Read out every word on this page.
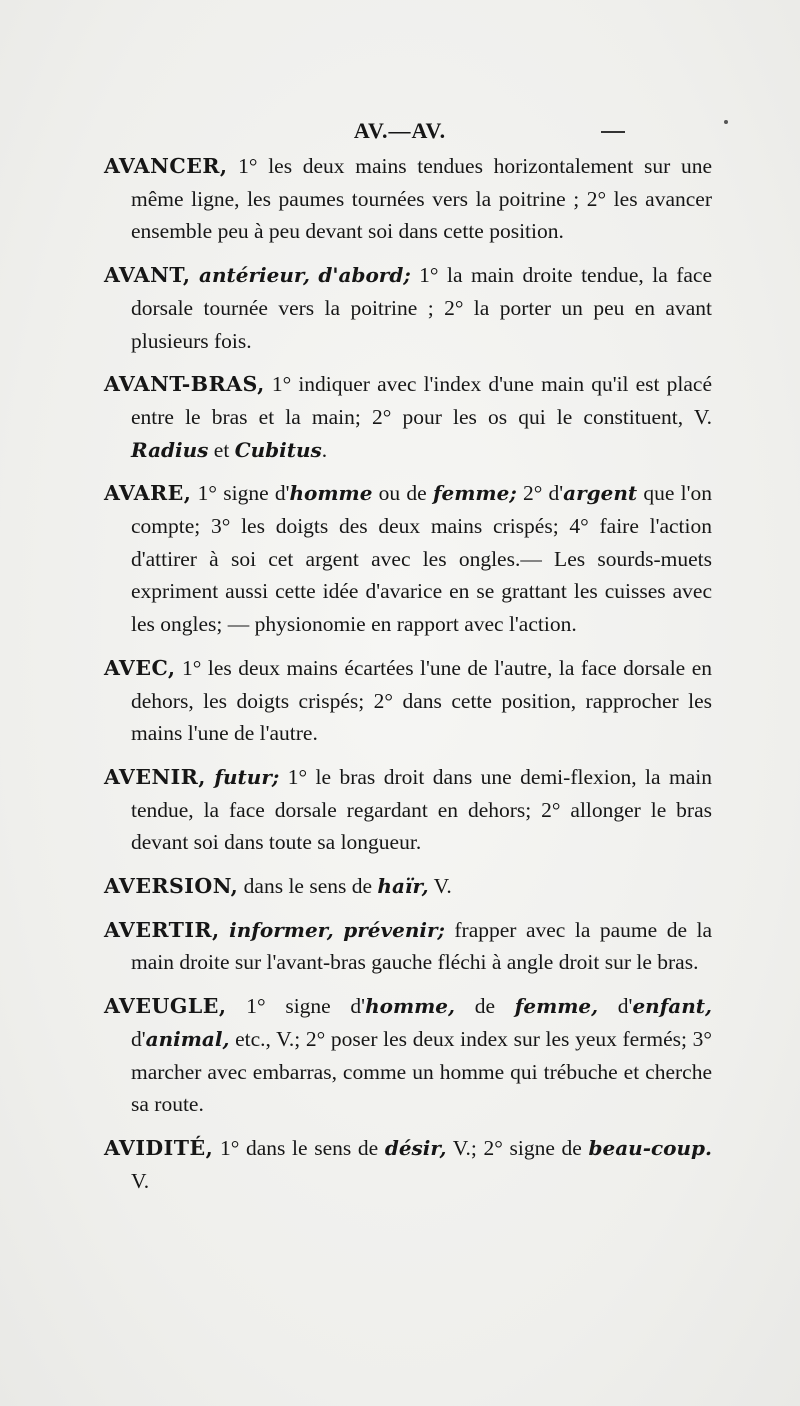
AV.—AV.

AVANCER, 1° les deux mains tendues horizontalement sur une même ligne, les paumes tournées vers la poitrine ; 2° les avancer ensemble peu à peu devant soi dans cette position.

AVANT, antérieur, d'abord; 1° la main droite tendue, la face dorsale tournée vers la poitrine ; 2° la porter un peu en avant plusieurs fois.

AVANT-BRAS, 1° indiquer avec l'index d'une main qu'il est placé entre le bras et la main; 2° pour les os qui le constituent, V. Radius et Cubitus.

AVARE, 1° signe d'homme ou de femme; 2° d'argent que l'on compte; 3° les doigts des deux mains crispés; 4° faire l'action d'attirer à soi cet argent avec les ongles.— Les sourds-muets expriment aussi cette idée d'avarice en se grattant les cuisses avec les ongles; — physionomie en rapport avec l'action.

AVEC, 1° les deux mains écartées l'une de l'autre, la face dorsale en dehors, les doigts crispés; 2° dans cette position, rapprocher les mains l'une de l'autre.

AVENIR, futur; 1° le bras droit dans une demi-flexion, la main tendue, la face dorsale regardant en dehors; 2° allonger le bras devant soi dans toute sa longueur.

AVERSION, dans le sens de haïr, V.

AVERTIR, informer, prévenir; frapper avec la paume de la main droite sur l'avant-bras gauche fléchi à angle droit sur le bras.

AVEUGLE, 1° signe d'homme, de femme, d'enfant, d'animal, etc., V.; 2° poser les deux index sur les yeux fermés; 3° marcher avec embarras, comme un homme qui trébuche et cherche sa route.

AVIDITÉ, 1° dans le sens de désir, V.; 2° signe de beau-coup. V.
